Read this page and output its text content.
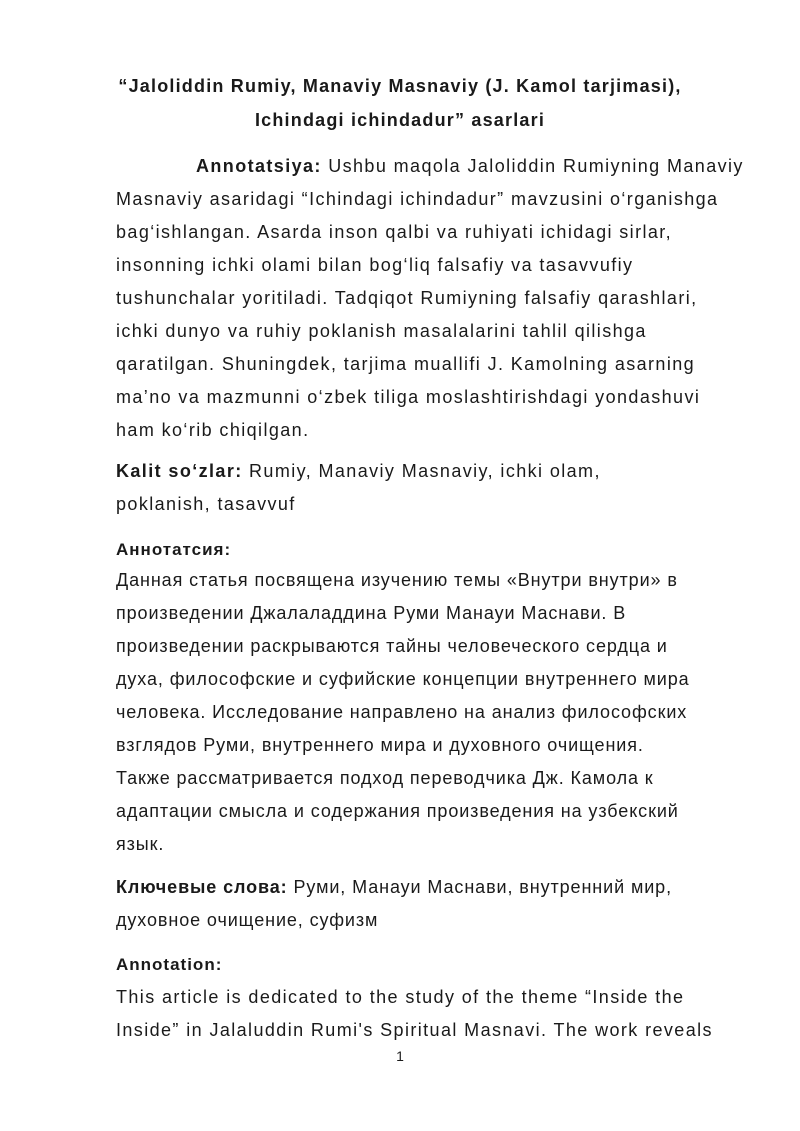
“Jaloliddin Rumiy, Manaviy Masnaviy (J. Kamol tarjimasi),
Ichindagi ichindadur” asarlari
Annotatsiya: Ushbu maqola Jaloliddin Rumiyning Manaviy
Masnaviy asaridagi “Ichindagi ichindadur” mavzusini o‘rganishga
bag‘ishlangan. Asarda inson qalbi va ruhiyati ichidagi sirlar,
insonning ichki olami bilan bog‘liq falsafiy va tasavvufiy
tushunchalar yoritiladi. Tadqiqot Rumiyning falsafiy qarashlari,
ichki dunyo va ruhiy poklanish masalalarini tahlil qilishga
qaratilgan. Shuningdek, tarjima muallifi J. Kamolning asarning
ma’no va mazmunni o‘zbek tiliga moslashtirishdagi yondashuvi
ham ko‘rib chiqilgan.
Kalit so‘zlar: Rumiy, Manaviy Masnaviy, ichki olam,
poklanish, tasavvuf
Аннотатсия:
Данная статья посвящена изучению темы «Внутри внутри» в
произведении Джалаладдина Руми Манауи Маснави. В
произведении раскрываются тайны человеческого сердца и
духа, философские и суфийские концепции внутреннего мира
человека. Исследование направлено на анализ философских
взглядов Руми, внутреннего мира и духовного очищения.
Также рассматривается подход переводчика Дж. Камола к
адаптации смысла и содержания произведения на узбекский
язык.
Ключевые слова: Руми, Манауи Маснави, внутренний мир,
духовное очищение, суфизм
Annotation:
This article is dedicated to the study of the theme “Inside the
Inside” in Jalaluddin Rumi's Spiritual Masnavi. The work reveals
1
